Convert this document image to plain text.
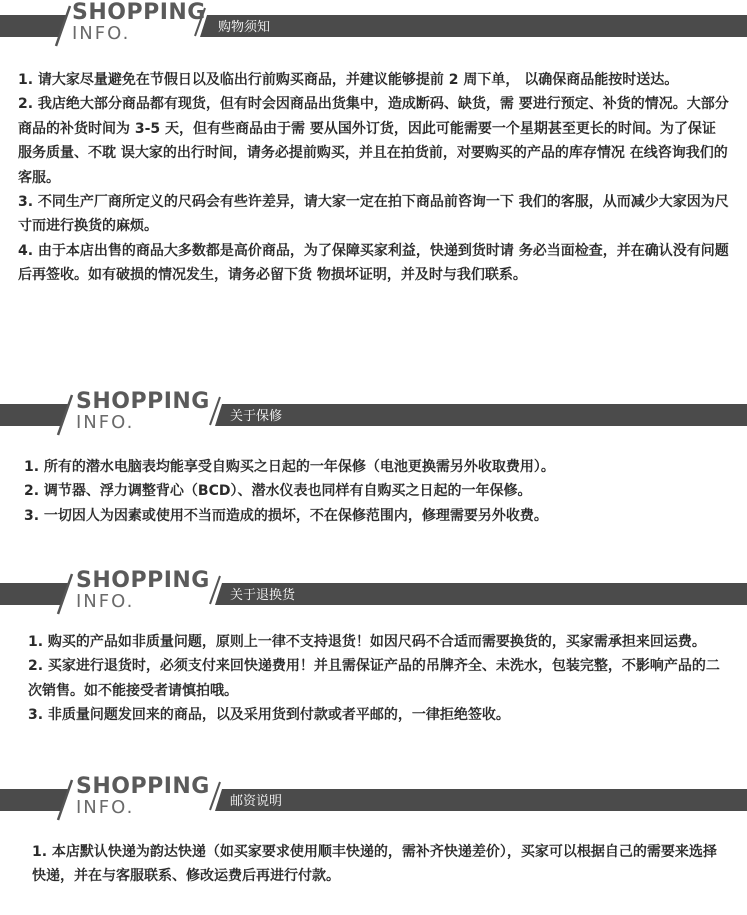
SHOPPING
INFO.	购物须知

1. 请大家尽量避免在节假日以及临出行前购买商品，并建议能够提前 2 周下单， 以确保商品能按时送达。

2. 我店绝大部分商品都有现货，但有时会因商品出货集中，造成断码、缺货，需 要进行预定、补货的情况。大部分商品的补货时间为 3-5 天，但有些商品由于需 要从国外订货，因此可能需要一个星期甚至更长的时间。为了保证服务质量、不耽 误大家的出行时间，请务必提前购买，并且在拍货前，对要购买的产品的库存情况 在线咨询我们的客服。

3. 不同生产厂商所定义的尺码会有些许差异，请大家一定在拍下商品前咨询一下 我们的客服，从而减少大家因为尺寸而进行换货的麻烦。

4. 由于本店出售的商品大多数都是高价商品，为了保障买家利益，快递到货时请 务必当面检查，并在确认没有问题后再签收。如有破损的情况发生，请务必留下货 物损坏证明，并及时与我们联系。

SHOPPING
INFO.	关于保修

1. 所有的潜水电脑表均能享受自购买之日起的一年保修（电池更换需另外收取费用）。

2. 调节器、浮力调整背心（BCD）、潜水仪表也同样有自购买之日起的一年保修。

3. 一切因人为因素或使用不当而造成的损坏，不在保修范围内，修理需要另外收费。

SHOPPING
INFO.	关于退换货

1. 购买的产品如非质量问题，原则上一律不支持退货！如因尺码不合适而需要换货的，买家需承担来回运费。

2. 买家进行退货时，必须支付来回快递费用！并且需保证产品的吊牌齐全、未洗水，包装完整，不影响产品的二次销售。如不能接受者请慎拍哦。

3. 非质量问题发回来的商品，以及采用货到付款或者平邮的，一律拒绝签收。

SHOPPING
INFO.	邮资说明

1. 本店默认快递为韵达快递（如买家要求使用顺丰快递的，需补齐快递差价），买家可以根据自己的需要来选择快递，并在与客服联系、修改运费后再进行付款。
